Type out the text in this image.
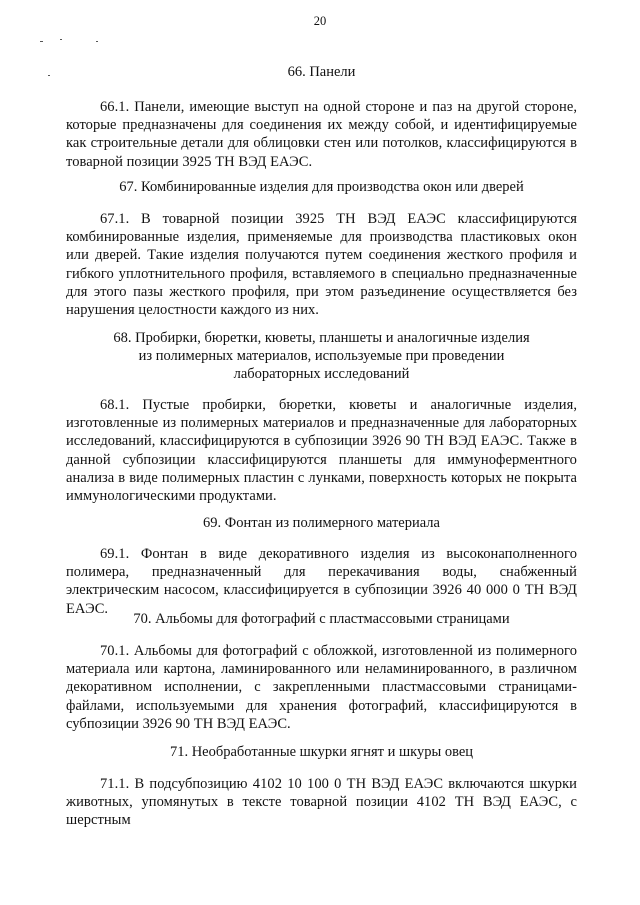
20
66. Панели
66.1. Панели, имеющие выступ на одной стороне и паз на другой стороне, которые предназначены для соединения их между собой, и идентифицируемые как строительные детали для облицовки стен или потолков, классифицируются в товарной позиции 3925 ТН ВЭД ЕАЭС.
67. Комбинированные изделия для производства окон или дверей
67.1. В товарной позиции 3925 ТН ВЭД ЕАЭС классифицируются комбинированные изделия, применяемые для производства пластиковых окон или дверей. Такие изделия получаются путем соединения жесткого профиля и гибкого уплотнительного профиля, вставляемого в специально предназначенные для этого пазы жесткого профиля, при этом разъединение осуществляется без нарушения целостности каждого из них.
68. Пробирки, бюретки, кюветы, планшеты и аналогичные изделия
из полимерных материалов, используемые при проведении
лабораторных исследований
68.1. Пустые пробирки, бюретки, кюветы и аналогичные изделия, изготовленные из полимерных материалов и предназначенные для лабораторных исследований, классифицируются в субпозиции 3926 90 ТН ВЭД ЕАЭС. Также в данной субпозиции классифицируются планшеты для иммуноферментного анализа в виде полимерных пластин с лунками, поверхность которых не покрыта иммунологическими продуктами.
69. Фонтан из полимерного материала
69.1. Фонтан в виде декоративного изделия из высоконаполненного полимера, предназначенный для перекачивания воды, снабженный электрическим насосом, классифицируется в субпозиции 3926 40 000 0 ТН ВЭД ЕАЭС.
70. Альбомы для фотографий с пластмассовыми страницами
70.1. Альбомы для фотографий с обложкой, изготовленной из полимерного материала или картона, ламинированного или неламинированного, в различном декоративном исполнении, с закрепленными пластмассовыми страницами-файлами, используемыми для хранения фотографий, классифицируются в субпозиции 3926 90 ТН ВЭД ЕАЭС.
71. Необработанные шкурки ягнят и шкуры овец
71.1. В подсубпозицию 4102 10 100 0 ТН ВЭД ЕАЭС включаются шкурки животных, упомянутых в тексте товарной позиции 4102 ТН ВЭД ЕАЭС, с шерстным
